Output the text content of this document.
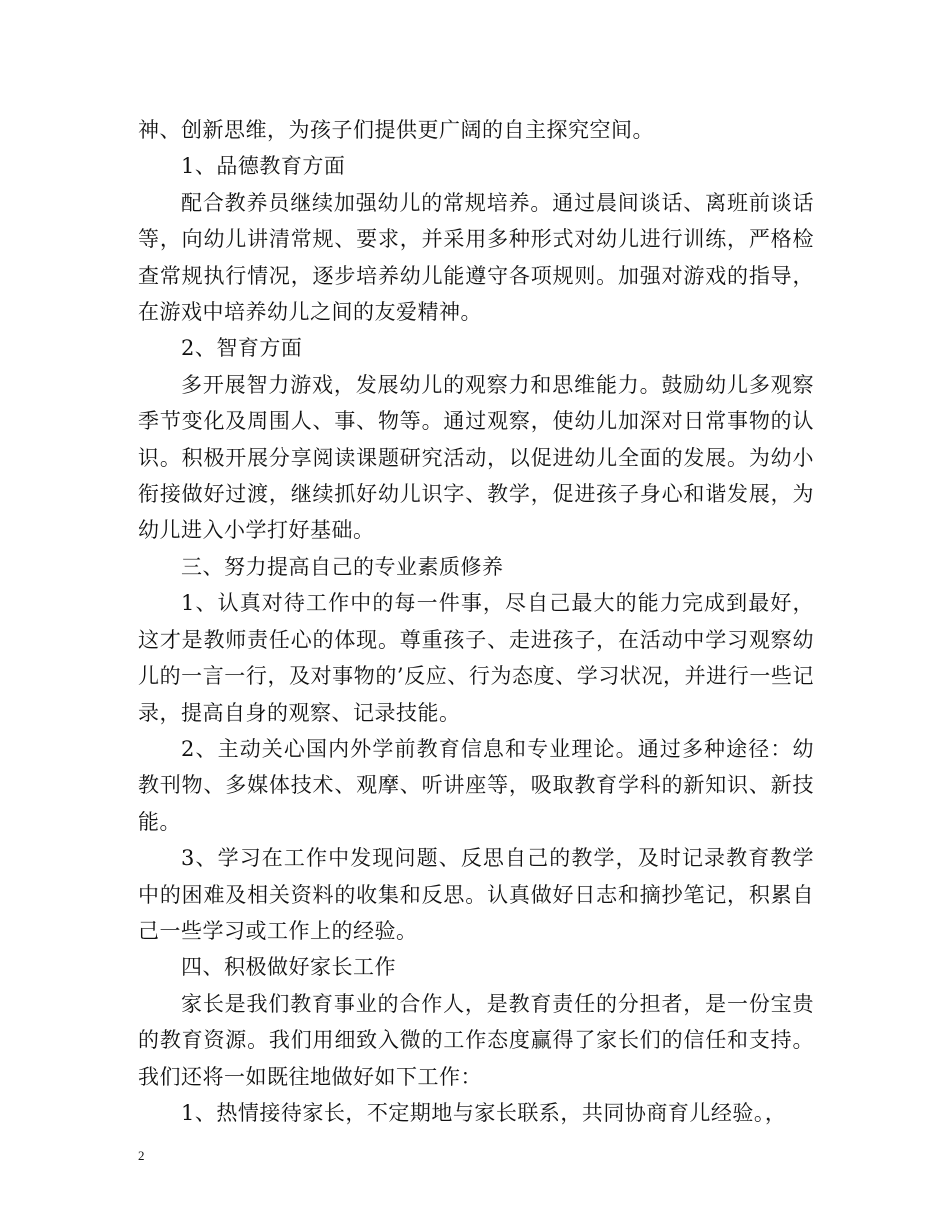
神、创新思维，为孩子们提供更广阔的自主探究空间。

1、品德教育方面

配合教养员继续加强幼儿的常规培养。通过晨间谈话、离班前谈话等，向幼儿讲清常规、要求，并采用多种形式对幼儿进行训练，严格检查常规执行情况，逐步培养幼儿能遵守各项规则。加强对游戏的指导，在游戏中培养幼儿之间的友爱精神。

2、智育方面

多开展智力游戏，发展幼儿的观察力和思维能力。鼓励幼儿多观察季节变化及周围人、事、物等。通过观察，使幼儿加深对日常事物的认识。积极开展分享阅读课题研究活动，以促进幼儿全面的发展。为幼小衔接做好过渡，继续抓好幼儿识字、教学，促进孩子身心和谐发展，为幼儿进入小学打好基础。

三、努力提高自己的专业素质修养

1、认真对待工作中的每一件事，尽自己最大的能力完成到最好，这才是教师责任心的体现。尊重孩子、走进孩子，在活动中学习观察幼儿的一言一行，及对事物的’反应、行为态度、学习状况，并进行一些记录，提高自身的观察、记录技能。

2、主动关心国内外学前教育信息和专业理论。通过多种途径：幼教刊物、多媒体技术、观摩、听讲座等，吸取教育学科的新知识、新技能。

3、学习在工作中发现问题、反思自己的教学，及时记录教育教学中的困难及相关资料的收集和反思。认真做好日志和摘抄笔记，积累自己一些学习或工作上的经验。

四、积极做好家长工作

家长是我们教育事业的合作人，是教育责任的分担者，是一份宝贵的教育资源。我们用细致入微的工作态度赢得了家长们的信任和支持。我们还将一如既往地做好如下工作：

1、热情接待家长，不定期地与家长联系，共同协商育儿经验。，

2
